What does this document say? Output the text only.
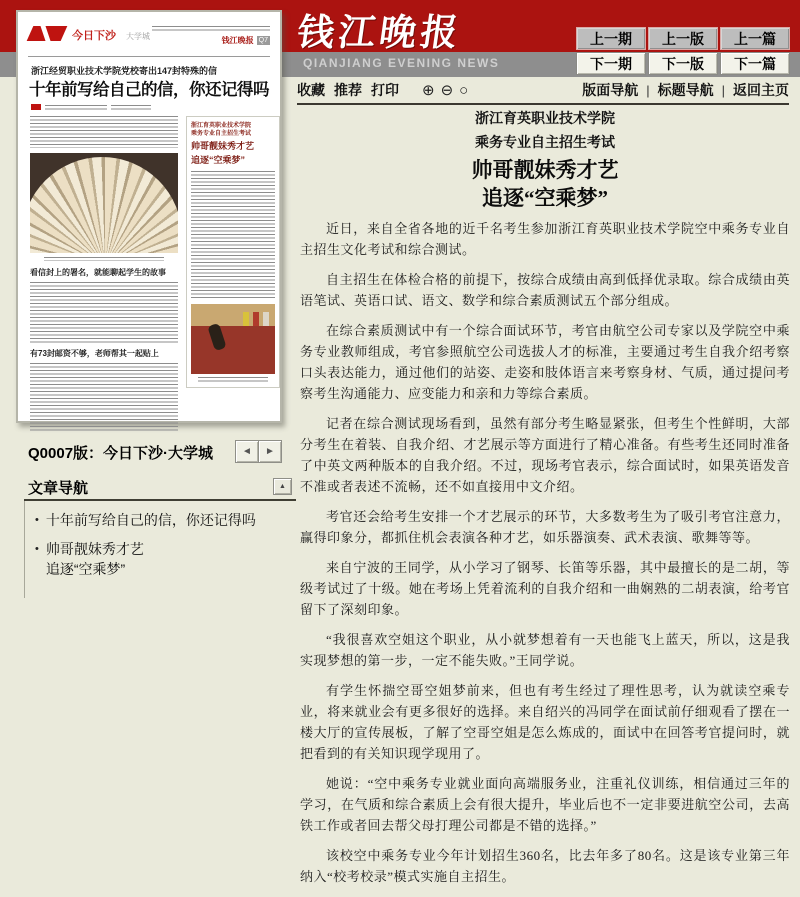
钱江晚报
QIANJIANG EVENING NEWS
上一期	上一版	上一篇
下一期	下一版	下一篇
收藏 推荐 打印 ⊕ ⊖ ○	版面导航 | 标题导航 | 返回主页
今日下沙 大学城	钱江晚报 Q7
浙江经贸职业技术学院党校寄出147封特殊的信
十年前写给自己的信，你还记得吗
看信封上的署名，就能聊起学生的故事
有73封邮资不够，老师帮其一起贴上
浙江育英职业技术学院
乘务专业自主招生考试
帅哥靓妹秀才艺
追逐“空乘梦”
Q0007版：今日下沙·大学城	◄ ►
文章导航	▲
• 十年前写给自己的信，你还记得吗
• 帅哥靓妹秀才艺
追逐“空乘梦”
浙江育英职业技术学院
乘务专业自主招生考试
帅哥靓妹秀才艺
追逐“空乘梦”

近日，来自全省各地的近千名考生参加浙江育英职业技术学院空中乘务专业自主招生文化考试和综合测试。

自主招生在体检合格的前提下，按综合成绩由高到低择优录取。综合成绩由英语笔试、英语口试、语文、数学和综合素质测试五个部分组成。

在综合素质测试中有一个综合面试环节，考官由航空公司专家以及学院空中乘务专业教师组成，考官参照航空公司选拔人才的标准，主要通过考生自我介绍考察口头表达能力，通过他们的站姿、走姿和肢体语言来考察身材、气质，通过提问考察考生沟通能力、应变能力和亲和力等综合素质。

记者在综合测试现场看到，虽然有部分考生略显紧张，但考生个性鲜明，大部分考生在着装、自我介绍、才艺展示等方面进行了精心准备。有些考生还同时准备了中英文两种版本的自我介绍。不过，现场考官表示，综合面试时，如果英语发音不准或者表述不流畅，还不如直接用中文介绍。

考官还会给考生安排一个才艺展示的环节，大多数考生为了吸引考官注意力，赢得印象分，都抓住机会表演各种才艺，如乐器演奏、武术表演、歌舞等等。

来自宁波的王同学，从小学习了钢琴、长笛等乐器，其中最擅长的是二胡，等级考试过了十级。她在考场上凭着流利的自我介绍和一曲娴熟的二胡表演，给考官留下了深刻印象。

“我很喜欢空姐这个职业，从小就梦想着有一天也能飞上蓝天，所以，这是我实现梦想的第一步，一定不能失败。”王同学说。

有学生怀揣空哥空姐梦前来，但也有考生经过了理性思考，认为就读空乘专业，将来就业会有更多很好的选择。来自绍兴的冯同学在面试前仔细观看了摆在一楼大厅的宣传展板，了解了空哥空姐是怎么炼成的，面试中在回答考官提问时，就把看到的有关知识现学现用了。

她说：“空中乘务专业就业面向高端服务业，注重礼仪训练，相信通过三年的学习，在气质和综合素质上会有很大提升，毕业后也不一定非要进航空公司，去高铁工作或者回去帮父母打理公司都是不错的选择。”

该校空中乘务专业今年计划招生360名，比去年多了80名。这是该专业第三年纳入“校考校录”模式实施自主招生。
